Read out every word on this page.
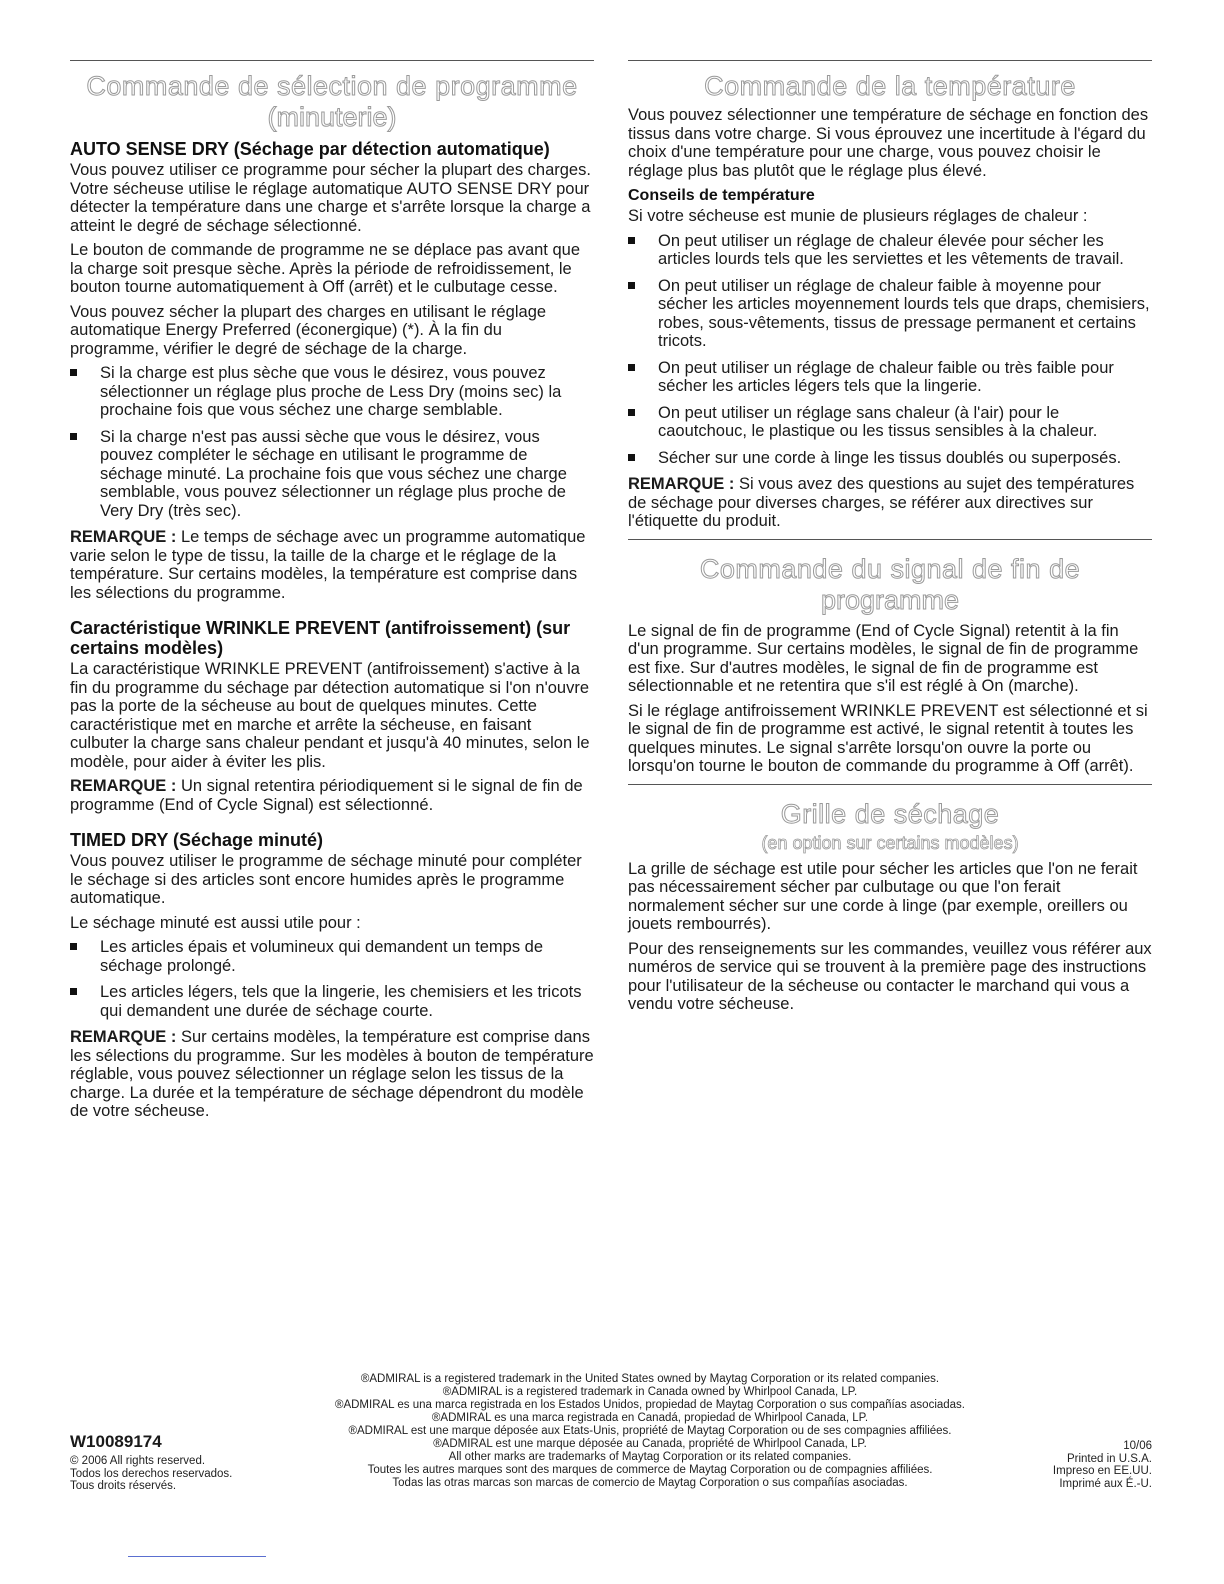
Commande de sélection de programme
(minuterie)
AUTO SENSE DRY (Séchage par détection automatique)

Vous pouvez utiliser ce programme pour sécher la plupart des charges. Votre sécheuse utilise le réglage automatique AUTO SENSE DRY pour détecter la température dans une charge et s'arrête lorsque la charge a atteint le degré de séchage sélectionné.

Le bouton de commande de programme ne se déplace pas avant que la charge soit presque sèche. Après la période de refroidissement, le bouton tourne automatiquement à Off (arrêt) et le culbutage cesse.

Vous pouvez sécher la plupart des charges en utilisant le réglage automatique Energy Preferred (éconergique) (*). À la fin du programme, vérifier le degré de séchage de la charge.

Si la charge est plus sèche que vous le désirez, vous pouvez sélectionner un réglage plus proche de Less Dry (moins sec) la prochaine fois que vous séchez une charge semblable.
Si la charge n'est pas aussi sèche que vous le désirez, vous pouvez compléter le séchage en utilisant le programme de séchage minuté. La prochaine fois que vous séchez une charge semblable, vous pouvez sélectionner un réglage plus proche de Very Dry (très sec).

REMARQUE : Le temps de séchage avec un programme automatique varie selon le type de tissu, la taille de la charge et le réglage de la température. Sur certains modèles, la température est comprise dans les sélections du programme.

Caractéristique WRINKLE PREVENT (antifroissement) (sur certains modèles)

La caractéristique WRINKLE PREVENT (antifroissement) s'active à la fin du programme du séchage par détection automatique si l'on n'ouvre pas la porte de la sécheuse au bout de quelques minutes. Cette caractéristique met en marche et arrête la sécheuse, en faisant culbuter la charge sans chaleur pendant et jusqu'à 40 minutes, selon le modèle, pour aider à éviter les plis.

REMARQUE : Un signal retentira périodiquement si le signal de fin de programme (End of Cycle Signal) est sélectionné.

TIMED DRY (Séchage minuté)

Vous pouvez utiliser le programme de séchage minuté pour compléter le séchage si des articles sont encore humides après le programme automatique.

Le séchage minuté est aussi utile pour :

Les articles épais et volumineux qui demandent un temps de séchage prolongé.
Les articles légers, tels que la lingerie, les chemisiers et les tricots qui demandent une durée de séchage courte.

REMARQUE : Sur certains modèles, la température est comprise dans les sélections du programme. Sur les modèles à bouton de température réglable, vous pouvez sélectionner un réglage selon les tissus de la charge. La durée et la température de séchage dépendront du modèle de votre sécheuse.

Commande de la température

Vous pouvez sélectionner une température de séchage en fonction des tissus dans votre charge. Si vous éprouvez une incertitude à l'égard du choix d'une température pour une charge, vous pouvez choisir le réglage plus bas plutôt que le réglage plus élevé.

Conseils de température

Si votre sécheuse est munie de plusieurs réglages de chaleur :

On peut utiliser un réglage de chaleur élevée pour sécher les articles lourds tels que les serviettes et les vêtements de travail.
On peut utiliser un réglage de chaleur faible à moyenne pour sécher les articles moyennement lourds tels que draps, chemisiers, robes, sous-vêtements, tissus de pressage permanent et certains tricots.
On peut utiliser un réglage de chaleur faible ou très faible pour sécher les articles légers tels que la lingerie.
On peut utiliser un réglage sans chaleur (à l'air) pour le caoutchouc, le plastique ou les tissus sensibles à la chaleur.
Sécher sur une corde à linge les tissus doublés ou superposés.

REMARQUE : Si vous avez des questions au sujet des températures de séchage pour diverses charges, se référer aux directives sur l'étiquette du produit.

Commande du signal de fin de
programme

Le signal de fin de programme (End of Cycle Signal) retentit à la fin d'un programme. Sur certains modèles, le signal de fin de programme est fixe. Sur d'autres modèles, le signal de fin de programme est sélectionnable et ne retentira que s'il est réglé à On (marche).

Si le réglage antifroissement WRINKLE PREVENT est sélectionné et si le signal de fin de programme est activé, le signal retentit à toutes les quelques minutes. Le signal s'arrête lorsqu'on ouvre la porte ou lorsqu'on tourne le bouton de commande du programme à Off (arrêt).

Grille de séchage
(en option sur certains modèles)

La grille de séchage est utile pour sécher les articles que l'on ne ferait pas nécessairement sécher par culbutage ou que l'on ferait normalement sécher sur une corde à linge (par exemple, oreillers ou jouets rembourrés).

Pour des renseignements sur les commandes, veuillez vous référer aux numéros de service qui se trouvent à la première page des instructions pour l'utilisateur de la sécheuse ou contacter le marchand qui vous a vendu votre sécheuse.

®ADMIRAL is a registered trademark in the United States owned by Maytag Corporation or its related companies.
®ADMIRAL is a registered trademark in Canada owned by Whirlpool Canada, LP.
®ADMIRAL es una marca registrada en los Estados Unidos, propiedad de Maytag Corporation o sus compañías asociadas.
®ADMIRAL es una marca registrada en Canadá, propiedad de Whirlpool Canada, LP.
®ADMIRAL est une marque déposée aux Etats-Unis, propriété de Maytag Corporation ou de ses compagnies affiliées.
®ADMIRAL est une marque déposée au Canada, propriété de Whirlpool Canada, LP.
All other marks are trademarks of Maytag Corporation or its related companies.
Toutes les autres marques sont des marques de commerce de Maytag Corporation ou de compagnies affiliées.
Todas las otras marcas son marcas de comercio de Maytag Corporation o sus compañías asociadas.
W10089174
© 2006 All rights reserved.
Todos los derechos reservados.
Tous droits réservés.
10/06
Printed in U.S.A.
Impreso en EE.UU.
Imprimé aux É.-U.
